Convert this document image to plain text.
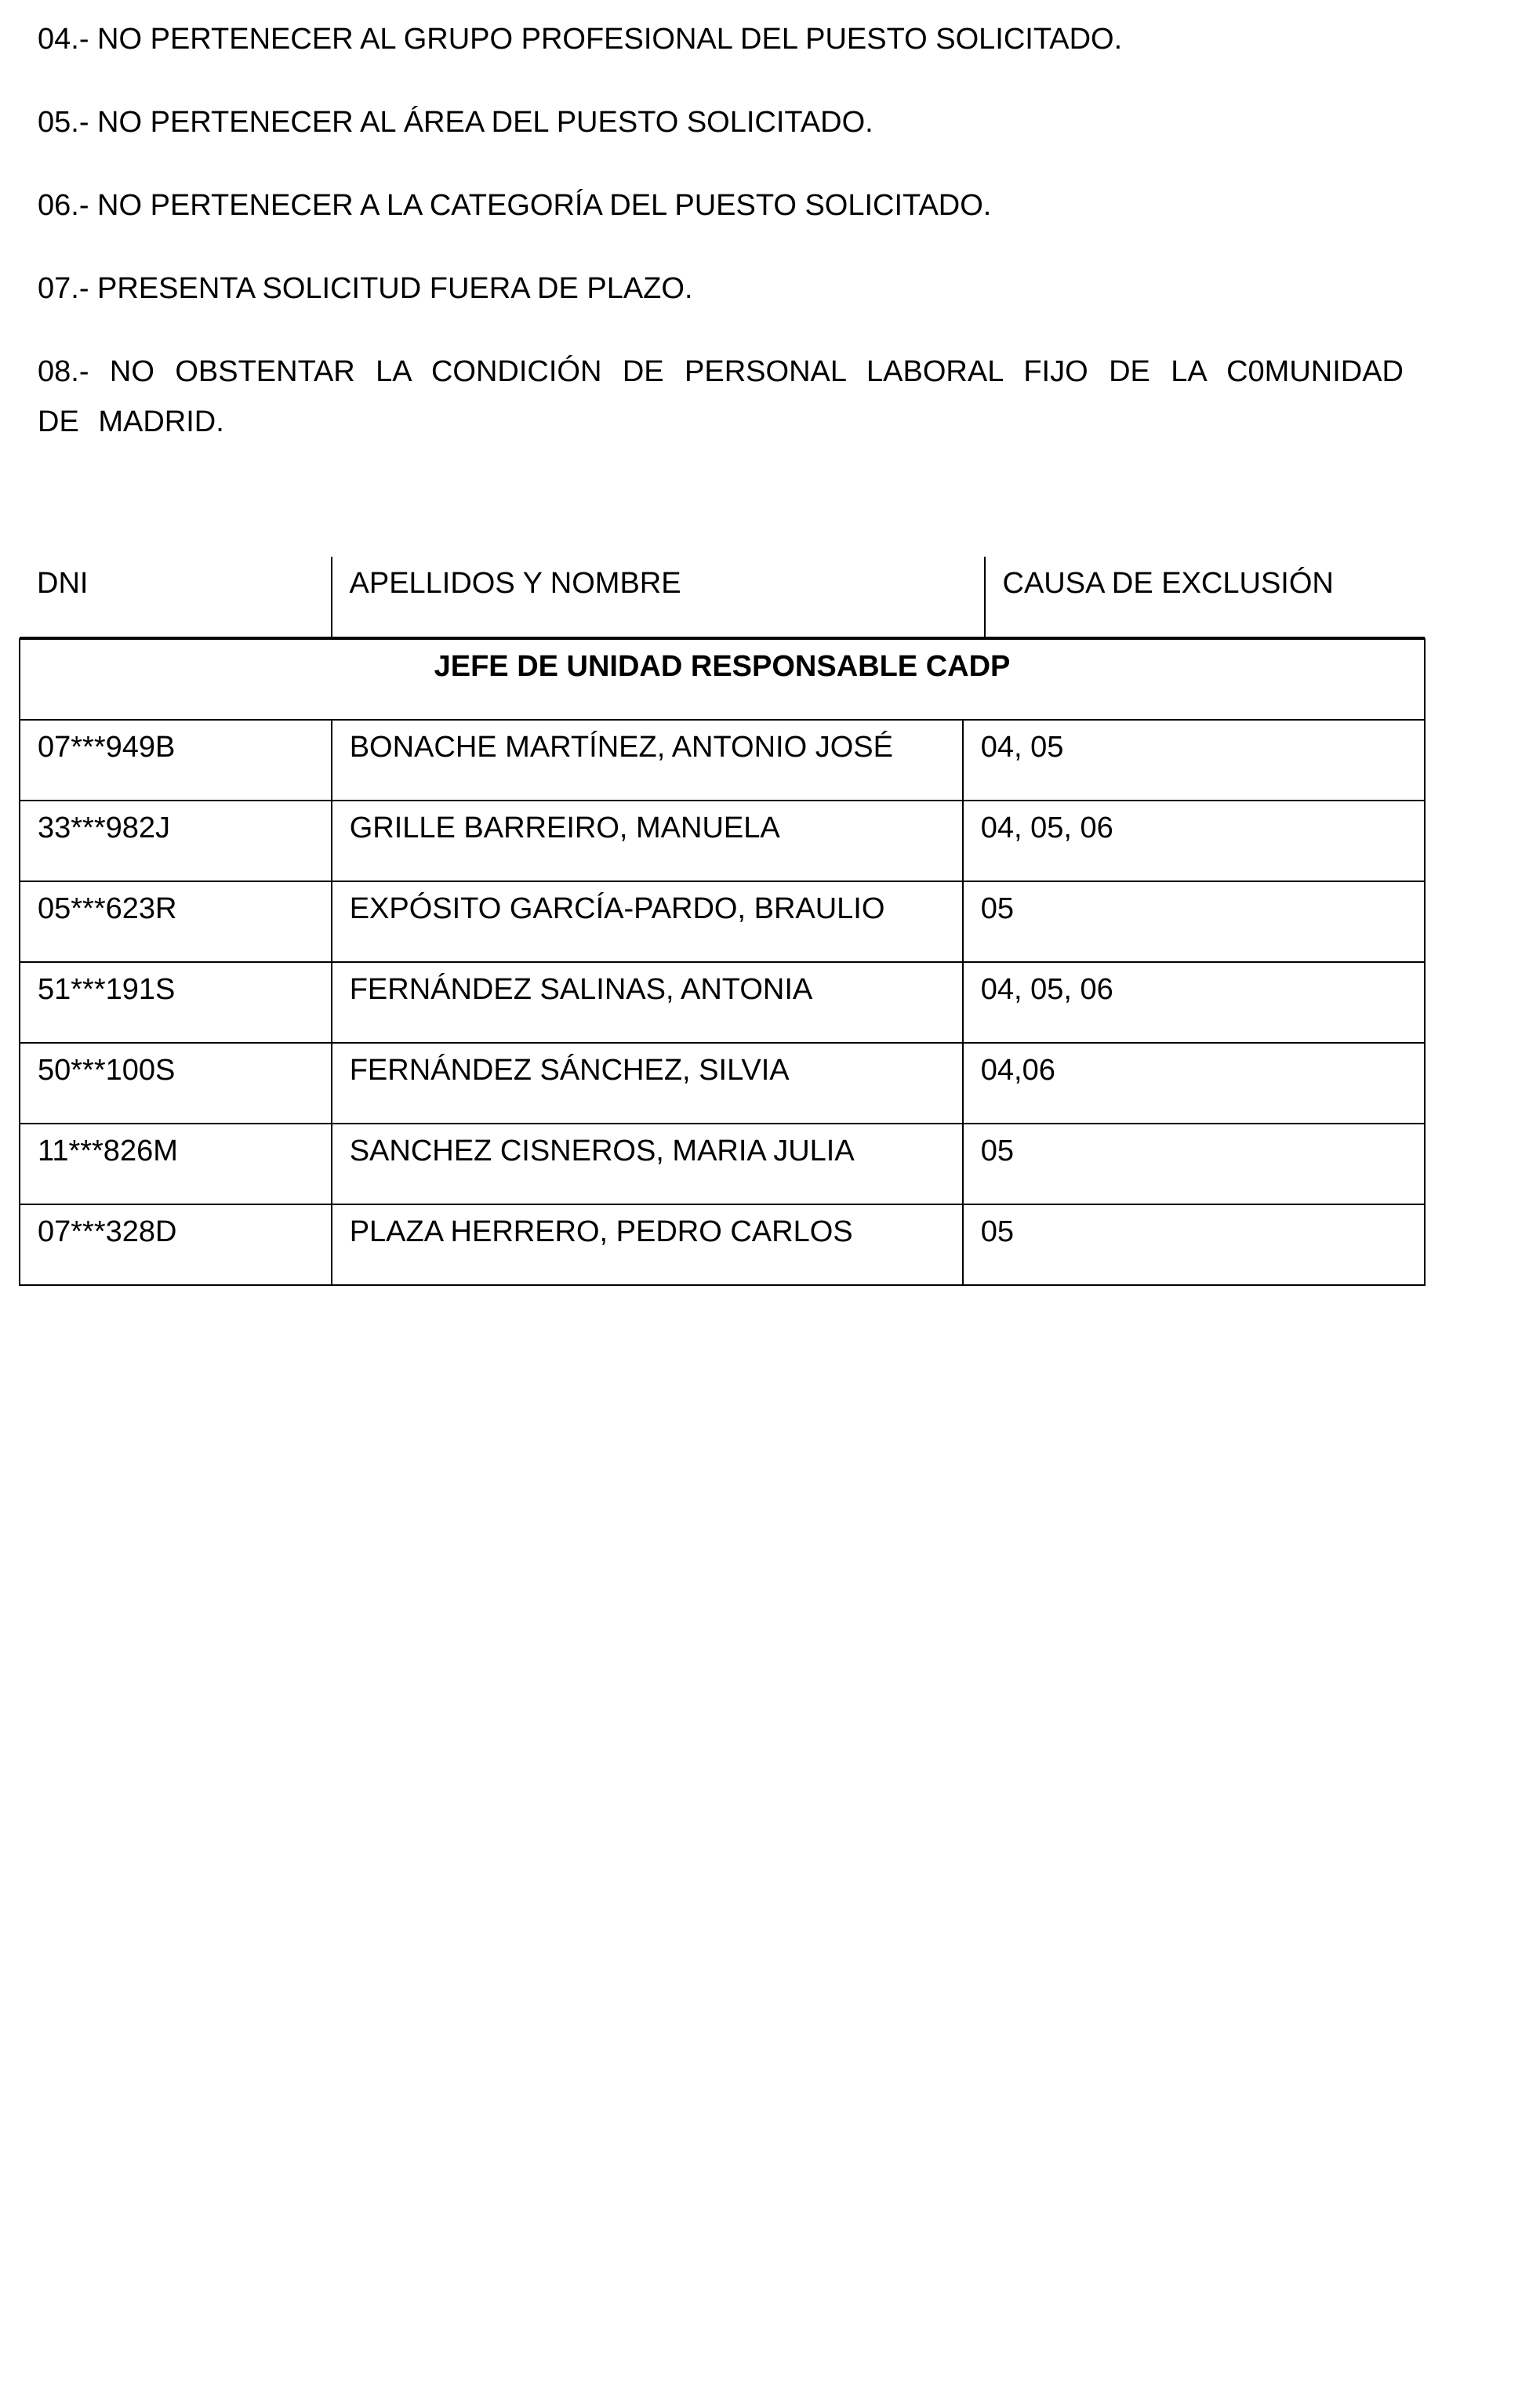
04.- NO PERTENECER AL GRUPO PROFESIONAL DEL PUESTO SOLICITADO.

05.- NO PERTENECER AL ÁREA DEL PUESTO SOLICITADO.

06.- NO PERTENECER A LA CATEGORÍA DEL PUESTO SOLICITADO.

07.- PRESENTA SOLICITUD FUERA DE PLAZO.

08.- NO OBSTENTAR LA CONDICIÓN DE PERSONAL LABORAL FIJO DE LA C0MUNIDAD DE MADRID.

DNI	APELLIDOS Y NOMBRE	CAUSA DE EXCLUSIÓN

JEFE DE UNIDAD RESPONSABLE CADP
07***949B	BONACHE MARTÍNEZ, ANTONIO JOSÉ	04, 05
33***982J	GRILLE BARREIRO, MANUELA	04, 05, 06
05***623R	EXPÓSITO GARCÍA-PARDO, BRAULIO	05
51***191S	FERNÁNDEZ SALINAS, ANTONIA	04, 05, 06
50***100S	FERNÁNDEZ SÁNCHEZ, SILVIA	04,06
11***826M	SANCHEZ CISNEROS, MARIA JULIA	05
07***328D	PLAZA HERRERO, PEDRO CARLOS	05
